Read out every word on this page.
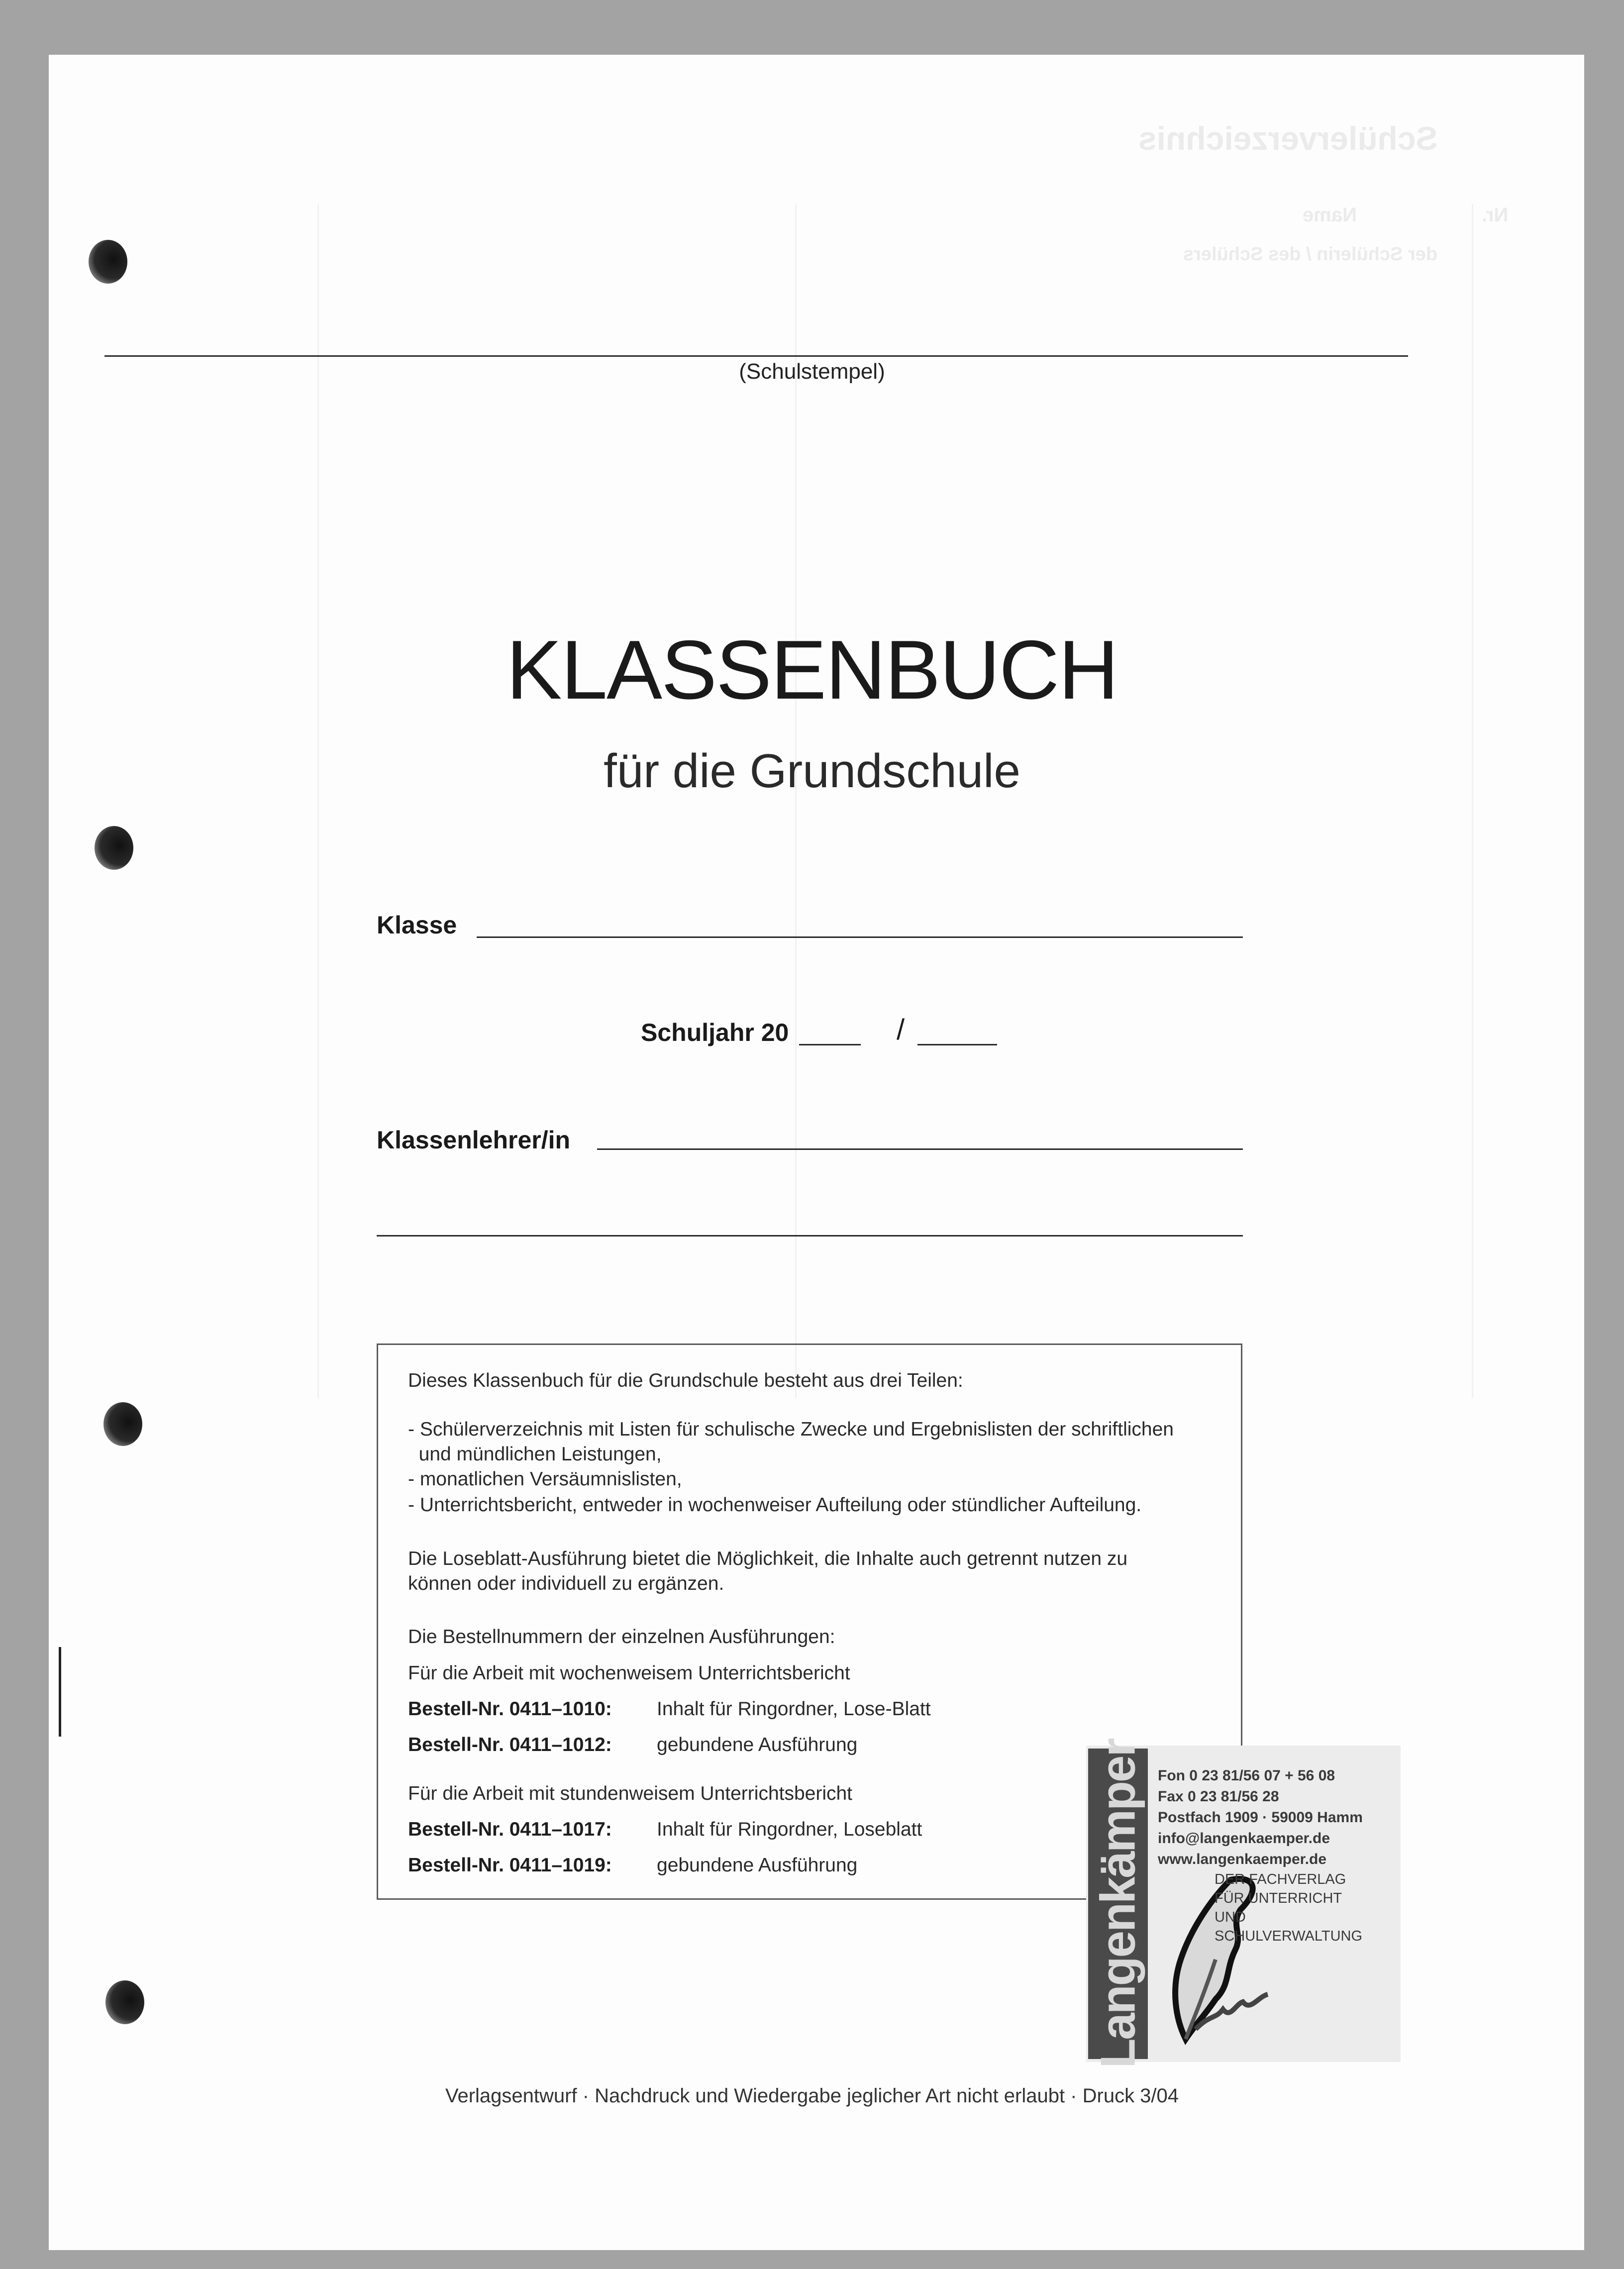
Schülerverzeichnis
Name
der Schülerin / des Schülers
Nr.
(Schulstempel)
KLASSENBUCH
für die Grundschule
Klasse
Schuljahr 20	/
Klassenlehrer/in

Dieses Klassenbuch für die Grundschule besteht aus drei Teilen:

- Schülerverzeichnis mit Listen für schulische Zwecke und Ergebnislisten der schriftlichen

und mündlichen Leistungen,

- monatlichen Versäumnislisten,

- Unterrichtsbericht, entweder in wochenweiser Aufteilung oder stündlicher Aufteilung.

Die Loseblatt-Ausführung bietet die Möglichkeit, die Inhalte auch getrennt nutzen zu

können oder individuell zu ergänzen.

Die Bestellnummern der einzelnen Ausführungen:

Für die Arbeit mit wochenweisem Unterrichtsbericht

Bestell-Nr. 0411–1010: Inhalt für Ringordner, Lose-Blatt
Bestell-Nr. 0411–1012: gebundene Ausführung

Für die Arbeit mit stundenweisem Unterrichtsbericht

Bestell-Nr. 0411–1017: Inhalt für Ringordner, Loseblatt
Bestell-Nr. 0411–1019: gebundene Ausführung	Langenkämper Fon 0 23 81/56 07 + 56 08
Fax 0 23 81/56 28
Postfach 1909 · 59009 Hamm
info@langenkaemper.de
www.langenkaemper.de
DER FACHVERLAG
FÜR UNTERRICHT
UND
SCHULVERWALTUNG
Verlagsentwurf · Nachdruck und Wiedergabe jeglicher Art nicht erlaubt · Druck 3/04
